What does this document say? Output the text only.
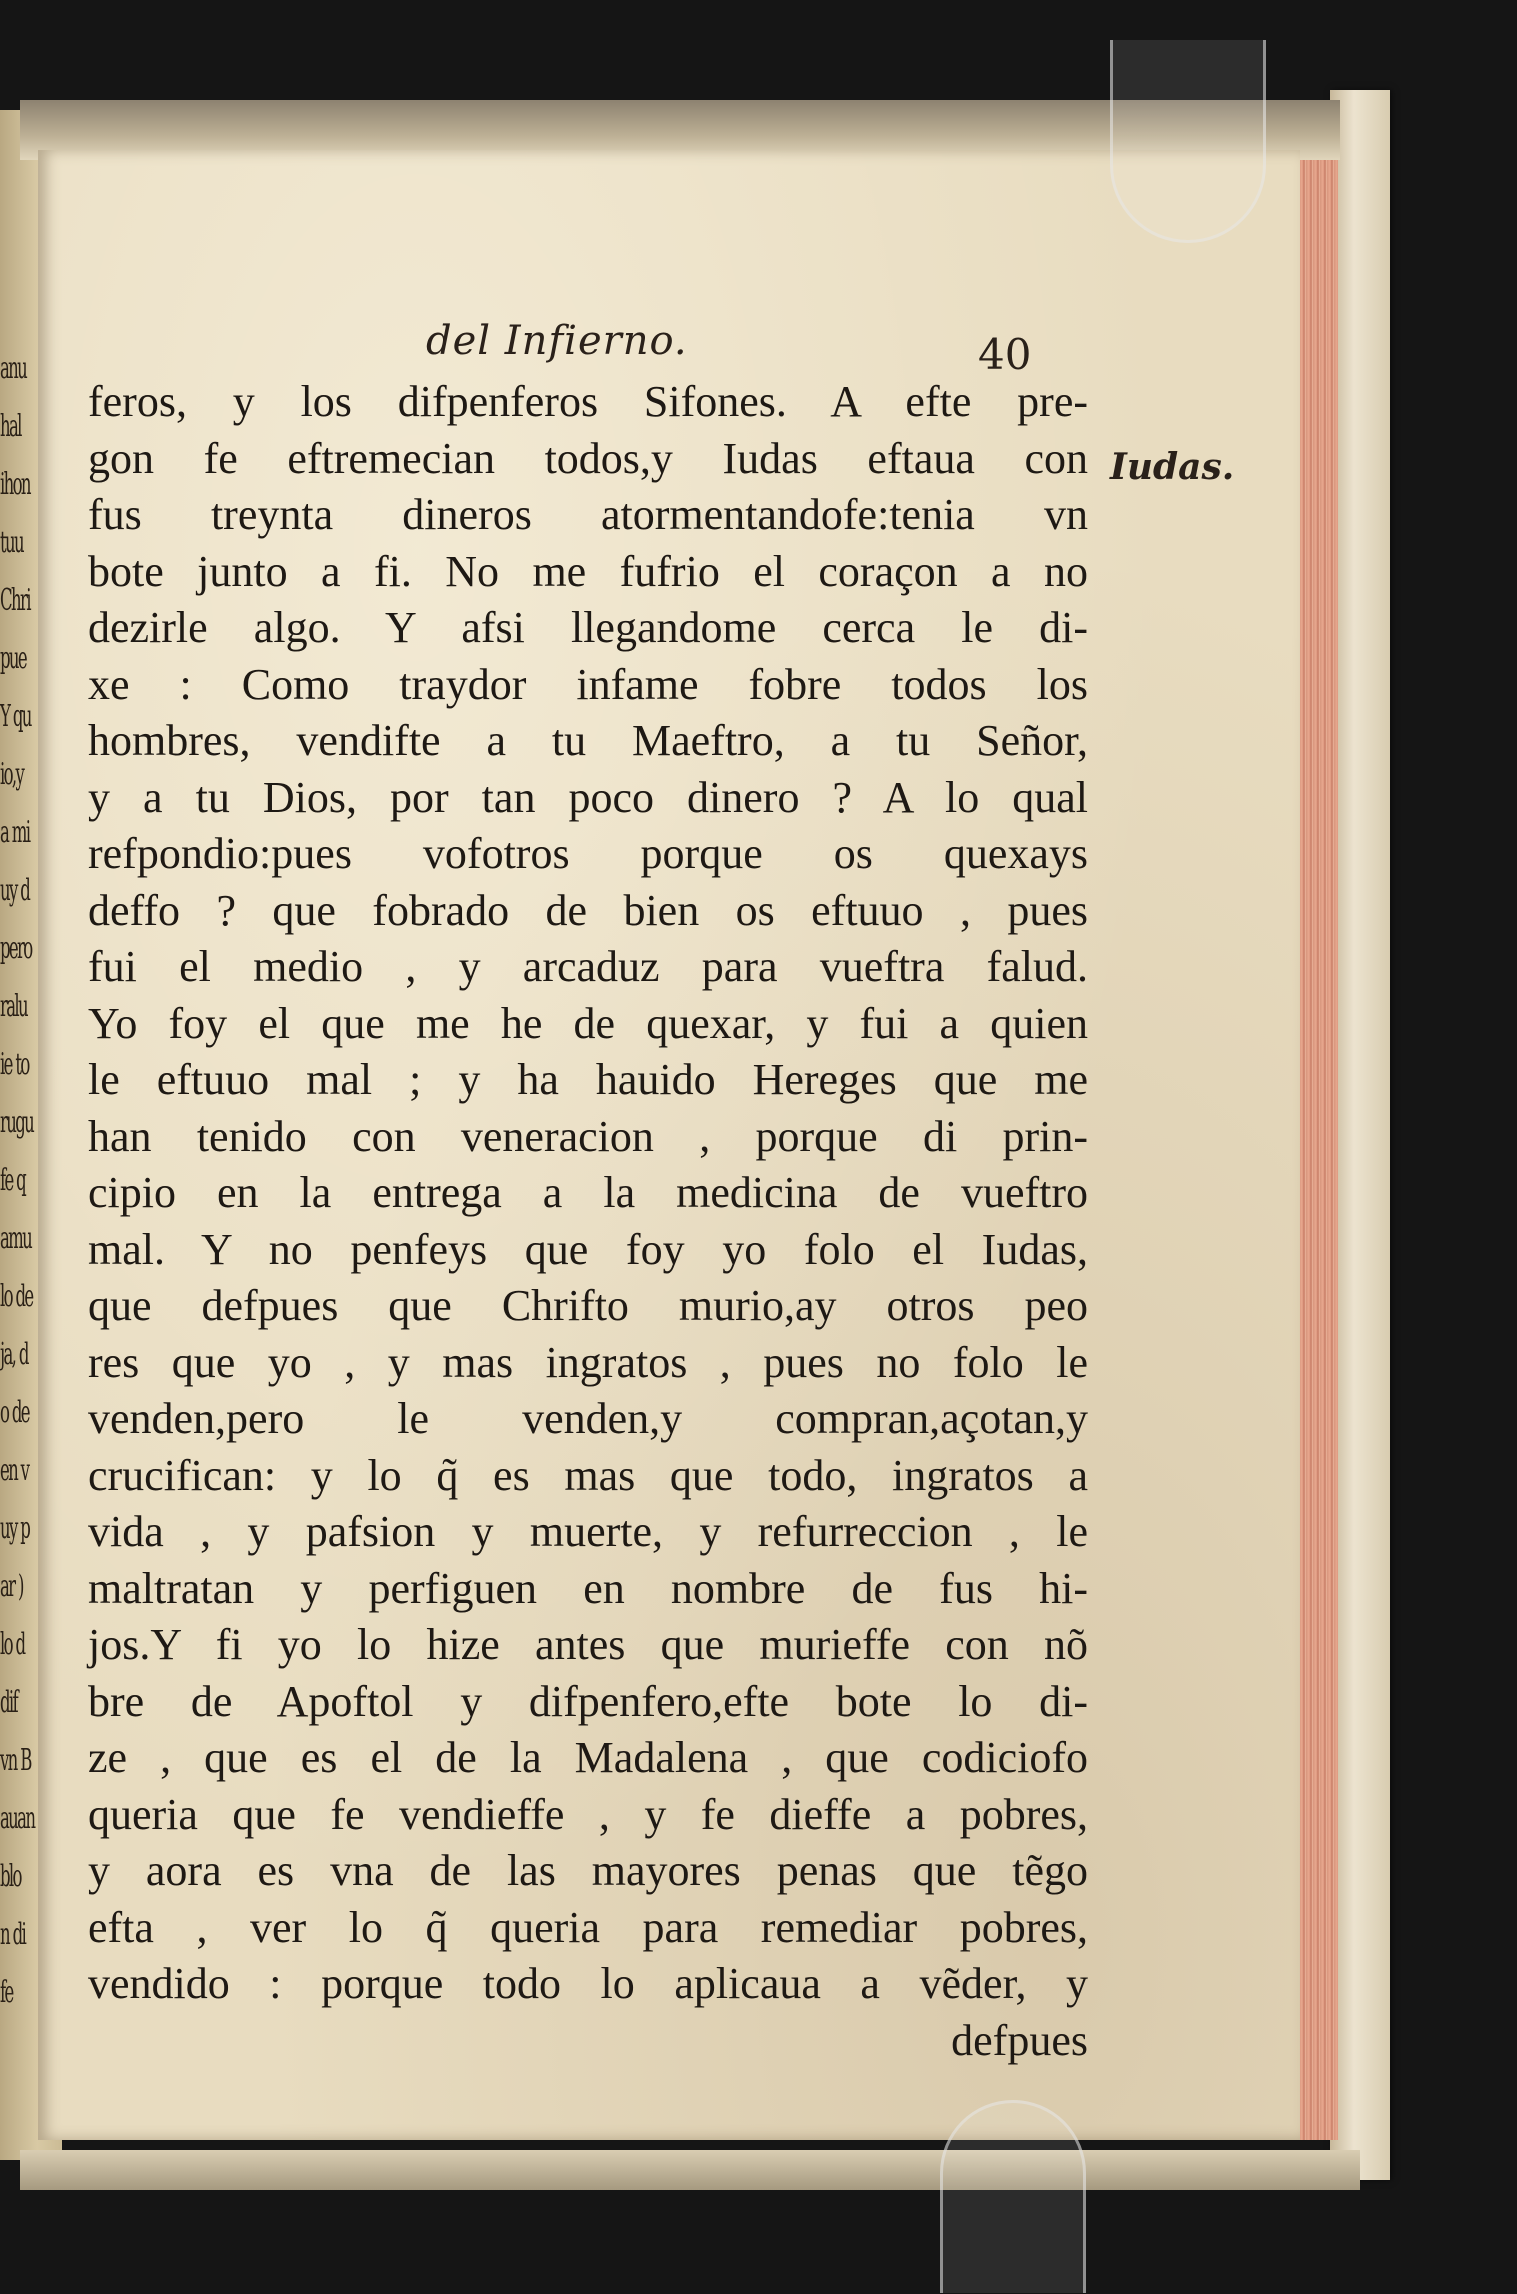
anu
hal
ihon
tuu
Chri
pue
Y qu
io,y
a mi
uy d
pero
ralu
ie to
rugu
fe q
amu
lo de
ja, d
o de
en v
uy p
ar )
lo d
dif
vn B
auan
blo
n di
fe

del Infierno.	40

feros, y los difpenferos Sifones. A efte pre-
gon fe eftremecian todos,y Iudas eftaua con
fus treynta dineros atormentandofe:tenia vn
bote junto a fi. No me fufrio el coraçon a no
dezirle algo. Y afsi llegandome cerca le di-
xe : Como traydor infame fobre todos los
hombres, vendifte a tu Maeftro, a tu Señor,
y a tu Dios, por tan poco dinero ? A lo qual
refpondio:pues vofotros porque os quexays
deffo ? que fobrado de bien os eftuuo , pues
fui el medio , y arcaduz para vueftra falud.
Yo foy el que me he de quexar, y fui a quien
le eftuuo mal ; y ha hauido Hereges que me
han tenido con veneracion , porque di prin-
cipio en la entrega a la medicina de vueftro
mal. Y no penfeys que foy yo folo el Iudas,
que defpues que Chrifto murio,ay otros peo
res que yo , y mas ingratos , pues no folo le
venden,pero le venden,y compran,açotan,y
crucifican: y lo q̃ es mas que todo, ingratos a
vida , y pafsion y muerte, y refurreccion , le
maltratan y perfiguen en nombre de fus hi-
jos.Y fi yo lo hize antes que murieffe con nõ
bre de Apoftol y difpenfero,efte bote lo di-
ze , que es el de la Madalena , que codiciofo
queria que fe vendieffe , y fe dieffe a pobres,
y aora es vna de las mayores penas que tẽgo
efta , ver lo q̃ queria para remediar pobres,
vendido : porque todo lo aplicaua a vẽder, y
defpues

Iudas.
